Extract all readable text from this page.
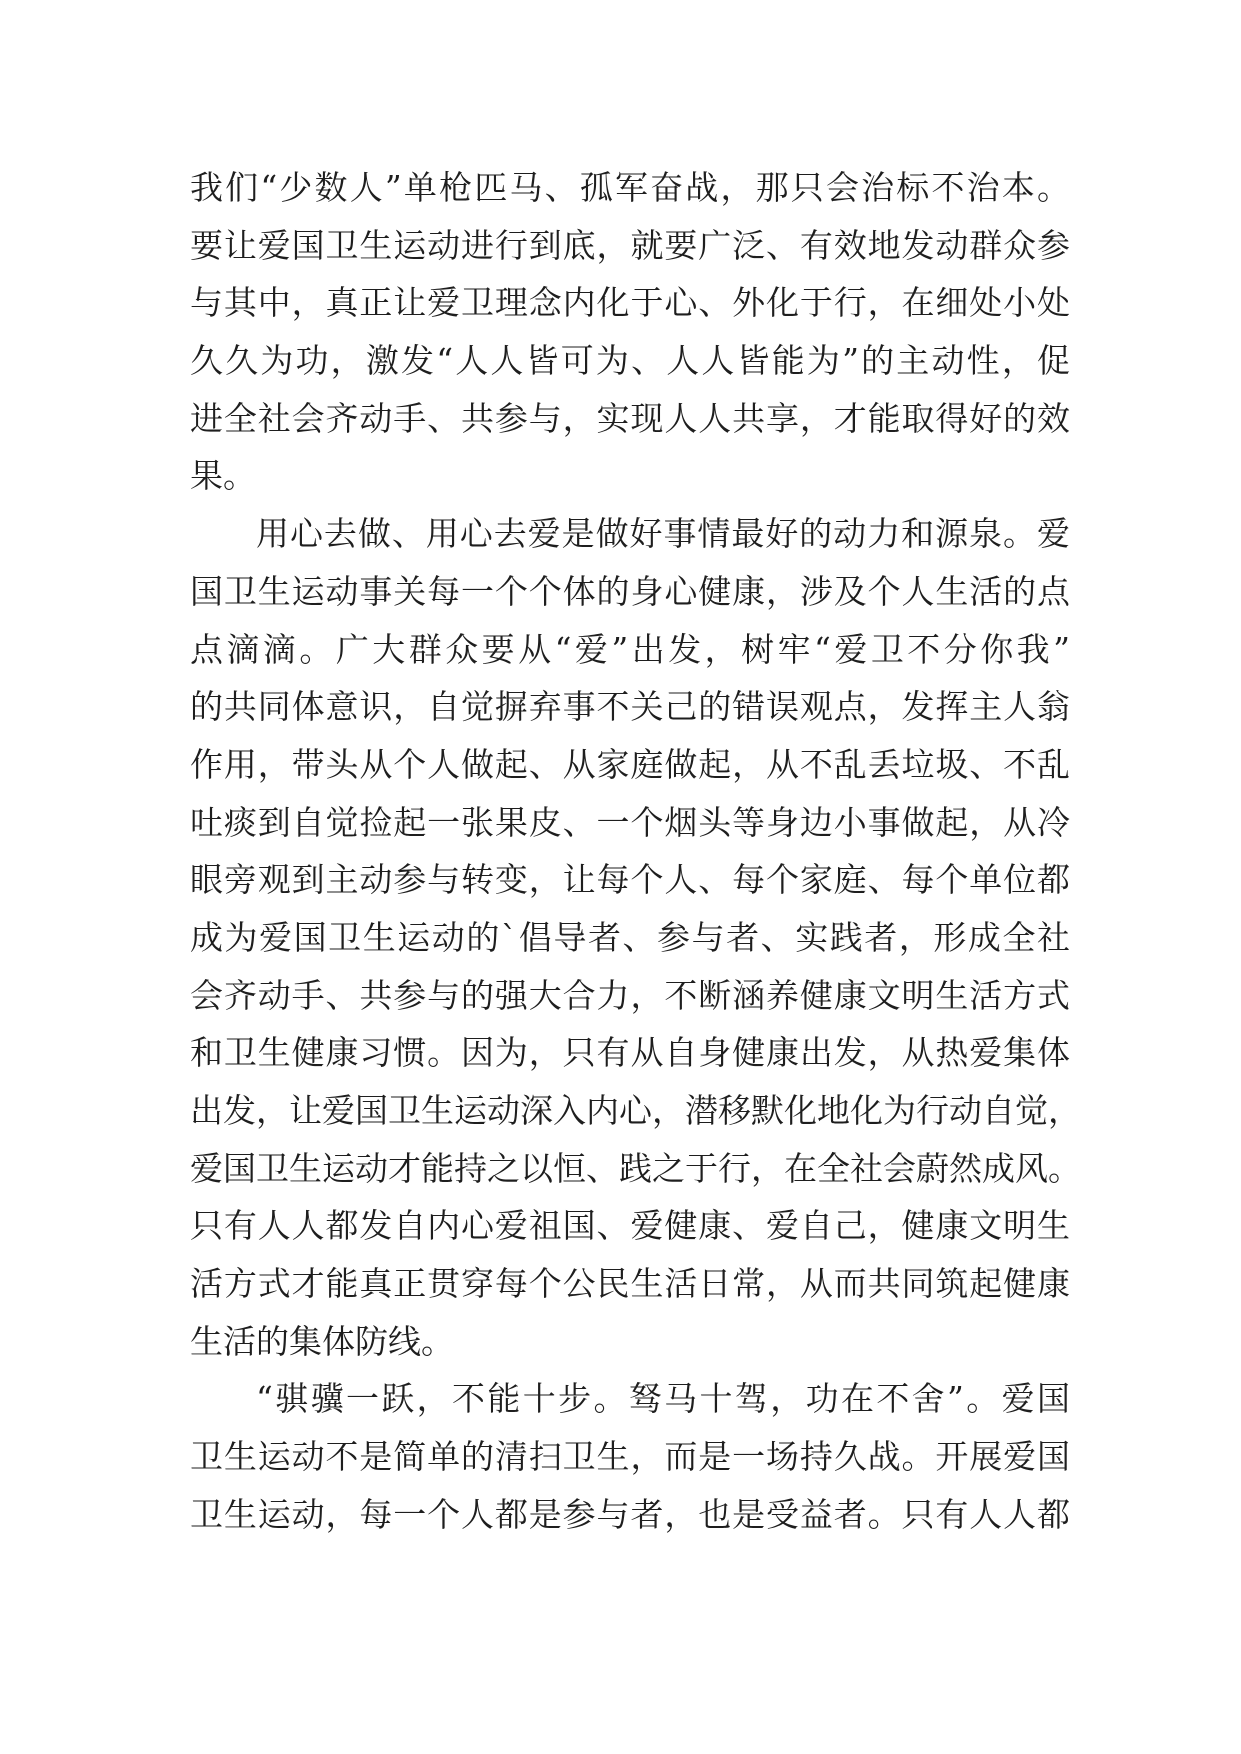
我们“少数人”单枪匹马、孤军奋战，那只会治标不治本。
要让爱国卫生运动进行到底，就要广泛、有效地发动群众参
与其中，真正让爱卫理念内化于心、外化于行，在细处小处
久久为功，激发“人人皆可为、人人皆能为”的主动性，促
进全社会齐动手、共参与，实现人人共享，才能取得好的效
果。
用心去做、用心去爱是做好事情最好的动力和源泉。爱
国卫生运动事关每一个个体的身心健康，涉及个人生活的点
点滴滴。广大群众要从“爱”出发，树牢“爱卫不分你我”
的共同体意识，自觉摒弃事不关己的错误观点，发挥主人翁
作用，带头从个人做起、从家庭做起，从不乱丢垃圾、不乱
吐痰到自觉捡起一张果皮、一个烟头等身边小事做起，从冷
眼旁观到主动参与转变，让每个人、每个家庭、每个单位都
成为爱国卫生运动的`倡导者、参与者、实践者，形成全社
会齐动手、共参与的强大合力，不断涵养健康文明生活方式
和卫生健康习惯。因为，只有从自身健康出发，从热爱集体
出发，让爱国卫生运动深入内心，潜移默化地化为行动自觉，
爱国卫生运动才能持之以恒、践之于行，在全社会蔚然成风。
只有人人都发自内心爱祖国、爱健康、爱自己，健康文明生
活方式才能真正贯穿每个公民生活日常，从而共同筑起健康
生活的集体防线。
“骐骥一跃，不能十步。驽马十驾，功在不舍”。爱国
卫生运动不是简单的清扫卫生，而是一场持久战。开展爱国
卫生运动，每一个人都是参与者，也是受益者。只有人人都
